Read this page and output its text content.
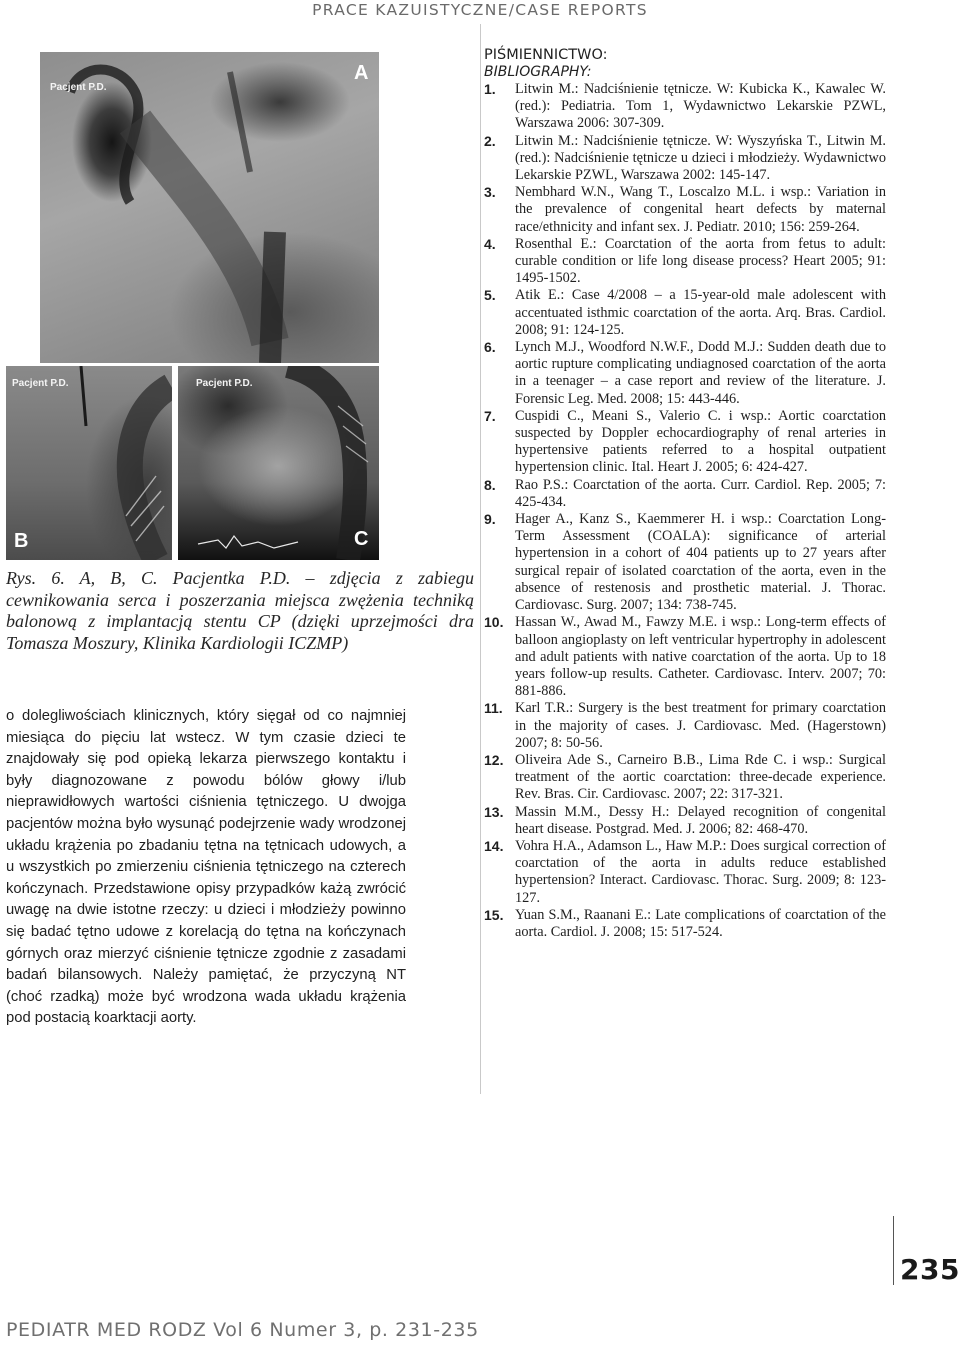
PRACE KAZUISTYCZNE/CASE REPORTS
Pacjent P.D.
A
Pacjent P.D.
B
Pacjent P.D.
C
Rys. 6. A, B, C. Pacjentka P.D. – zdjęcia z zabiegu cewnikowania serca i poszerzania miejsca zwężenia techniką balonową z implantacją stentu CP (dzięki uprzejmości dra Tomasza Moszury, Klinika Kardiologii ICZMP)
o dolegliwościach klinicznych, który sięgał od co najmniej miesiąca do pięciu lat wstecz. W tym czasie dzieci te znajdowały się pod opieką lekarza pierwszego kontaktu i były diagnozowane z powodu bólów głowy i/lub nieprawidłowych wartości ciśnienia tętniczego. U dwojga pacjentów można było wysunąć podejrzenie wady wrodzonej układu krążenia po zbadaniu tętna na tętnicach udowych, a u wszystkich po zmierzeniu ciśnienia tętniczego na czterech kończynach. Przedstawione opisy przypadków każą zwrócić uwagę na dwie istotne rzeczy: u dzieci i młodzieży powinno się badać tętno udowe z korelacją do tętna na kończynach górnych oraz mierzyć ciśnienie tętnicze zgodnie z zasadami badań bilansowych. Należy pamiętać, że przyczyną NT (choć rzadką) może być wrodzona wada układu krążenia pod postacią koarktacji aorty.
PIŚMIENNICTWO:
BIBLIOGRAPHY:
1. Litwin M.: Nadciśnienie tętnicze. W: Kubicka K., Kawalec W. (red.): Pediatria. Tom 1, Wydawnictwo Lekarskie PZWL, Warszawa 2006: 307-309.
2. Litwin M.: Nadciśnienie tętnicze. W: Wyszyńska T., Litwin M. (red.): Nadciśnienie tętnicze u dzieci i młodzieży. Wydawnictwo Lekarskie PZWL, Warszawa 2002: 145-147.
3. Nembhard W.N., Wang T., Loscalzo M.L. i wsp.: Variation in the prevalence of congenital heart defects by maternal race/ethnicity and infant sex. J. Pediatr. 2010; 156: 259-264.
4. Rosenthal E.: Coarctation of the aorta from fetus to adult: curable condition or life long disease process? Heart 2005; 91: 1495-1502.
5. Atik E.: Case 4/2008 – a 15-year-old male adolescent with accentuated isthmic coarctation of the aorta. Arq. Bras. Cardiol. 2008; 91: 124-125.
6. Lynch M.J., Woodford N.W.F., Dodd M.J.: Sudden death due to aortic rupture complicating undiagnosed coarctation of the aorta in a teenager – a case report and review of the literature. J. Forensic Leg. Med. 2008; 15: 443-446.
7. Cuspidi C., Meani S., Valerio C. i wsp.: Aortic coarctation suspected by Doppler echocardiography of renal arteries in hypertensive patients referred to a hospital outpatient hypertension clinic. Ital. Heart J. 2005; 6: 424-427.
8. Rao P.S.: Coarctation of the aorta. Curr. Cardiol. Rep. 2005; 7: 425-434.
9. Hager A., Kanz S., Kaemmerer H. i wsp.: Coarctation Long-Term Assessment (COALA): significance of arterial hypertension in a cohort of 404 patients up to 27 years after surgical repair of isolated coarctation of the aorta, even in the absence of restenosis and prosthetic material. J. Thorac. Cardiovasc. Surg. 2007; 134: 738-745.
10. Hassan W., Awad M., Fawzy M.E. i wsp.: Long-term effects of balloon angioplasty on left ventricular hypertrophy in adolescent and adult patients with native coarctation of the aorta. Up to 18 years follow-up results. Catheter. Cardiovasc. Interv. 2007; 70: 881-886.
11. Karl T.R.: Surgery is the best treatment for primary coarctation in the majority of cases. J. Cardiovasc. Med. (Hagerstown) 2007; 8: 50-56.
12. Oliveira Ade S., Carneiro B.B., Lima Rde C. i wsp.: Surgical treatment of the aortic coarctation: three-decade experience. Rev. Bras. Cir. Cardiovasc. 2007; 22: 317-321.
13. Massin M.M., Dessy H.: Delayed recognition of congenital heart disease. Postgrad. Med. J. 2006; 82: 468-470.
14. Vohra H.A., Adamson L., Haw M.P.: Does surgical correction of coarctation of the aorta in adults reduce established hypertension? Interact. Cardiovasc. Thorac. Surg. 2009; 8: 123-127.
15. Yuan S.M., Raanani E.: Late complications of coarctation of the aorta. Cardiol. J. 2008; 15: 517-524.
235
PEDIATR MED RODZ Vol 6 Numer 3, p. 231-235
